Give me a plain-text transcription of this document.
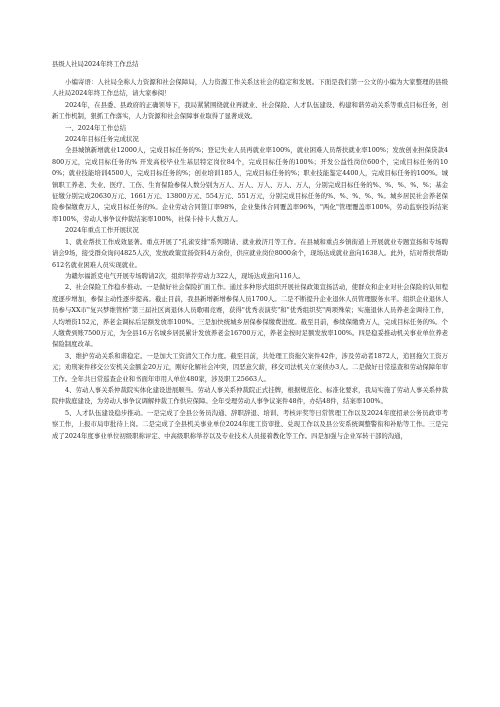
县级人社局2024年终工作总结

小编寄语：人社局全称人力资源和社会保障局，人力资源工作关系这社会的稳定和发展。下面是我们第一公文的小编为大家整理的县级人社局2024年终工作总结，请大家参阅！

2024年，在县委、县政府的正确领导下，我局紧紧围绕就业再就业、社会保险、人才队伍建设、构建和谐劳动关系等重点目标任务，创新工作机制，狠抓工作落实，人力资源和社会保障事业取得了显著成效。

一、2024年工作总结

2024年目标任务完成状况

全县城镇新增就业12000人，完成目标任务的%；登记失业人员再就业率100%，就业困难人员帮扶就业率100%；发放创业担保贷款4800万元，完成目标任务的% 开发高校毕业生基层特定岗位84个，完成目标任务的100%；开发公益性岗位600个，完成目标任务的100%；就业技能培训4500人，完成目标任务的%；创业培训185人，完成目标任务的%；职业技能鉴定4400人，完成目标任务的100%。城镇职工养老、失业、医疗、工伤、生育保险参保人数分别为万人、万人、万人、万人、万人，分别完成目标任务的%、%、%、%、%；基金征缴分别完成20630万元、1661万元、13800万元、554万元、551万元，分别完成目标任务的%、%、%、%、%。城乡居民社会养老保险参保缴费万人，完成目标任务的%。企业劳动合同签订率98%，企业集体合同覆盖率96%，"两化"管理覆盖率100%，劳动监察投诉结案率100%，劳动人事争议仲裁结案率100%，社保卡持卡人数万人。

2024年重点工作开展状况

1、就业帮扶工作成效显著。重点开展了"孔雀安排"系列聘请、就业救济月等工作。在县城和重点乡镇街道上开展就业专题宣扬和专场聘请会9场，接受群众询问4825人次，发放政策宣扬资料4万余份，供应就业岗位8000余个，现场达成就业意向1638人。此外，结对帮扶帮助612名就业困难人员实现就业。

为赣尔福派克电气开展专场聘请2次，组织举荐劳动力322人，现场达成意向116人。

2、社会保险工作稳步推动。一是做好社会保险扩面工作。通过多种形式组织开展社保政策宣扬活动，使群众和企业对社会保险的认知程度逐步增加，参保主动性逐步提高。截止目前，我县新增新增参保人员1700人。二是不断提升企业退休人员管理服务水平。组织企业退休人员参与XX市"复兴梦维管桥"第三届社区离退休人员歌唱竞赛，获得"优秀表演奖"和"优秀组织奖"两项殊荣；实施退休人员养老金调待工作，人均增资152元，养老金调标后足额发放率100%。三是加快统城乡居保参保缴费进度。截至目前，参续保缴费万人，完成目标任务的%。个人缴费到账7500万元，为全县16万名城乡居民累计发放养老金16700万元，养老金按时足额发放率100%。四是稳妥推动机关事业单位养老保险制度改革。

3、维护劳动关系和谐稳定。一是加大工资清欠工作力度。截至目前，共处理工资拖欠案件42件，涉及劳动者1872人，追回拖欠工资万元；劝刑案件移交公安机关金额金20万元，刚好化解社会冲突，因恶意欠薪，移交司法机关立案侦办3人。二是做好日常巡查和劳动保障年审工作。全年共日常巡查企业和书面年审用人单位480家，涉及职工25663人。

4、劳动人事关系仲裁院实体化建设进展顺当。劳动人事关系仲裁院正式挂牌，根据规范化、标准化要求，我局实施了劳动人事关系仲裁院仲裁庭建设，为劳动人事争议调解仲裁工作供应保障。全年受理劳动人事争议案件48件，办结48件，结案率100%。

5、人才队伍建设稳步推动。一是完成了全县公务员沟通、辞职辞退、培训、考核评奖等日常管理工作以及2024年度招录公务员政审考察工作，上报市局审批待上岗。二是完成了全县机关事业单位2024年度工资审批、兑现工作以及县公安系统调整警衔和补贴等工作。三是完成了2024年度事业单位初级职称评定、中高级职称举荐以及专业技术人员接着教化等工作。四是加强与企业军转干部的沟通，
